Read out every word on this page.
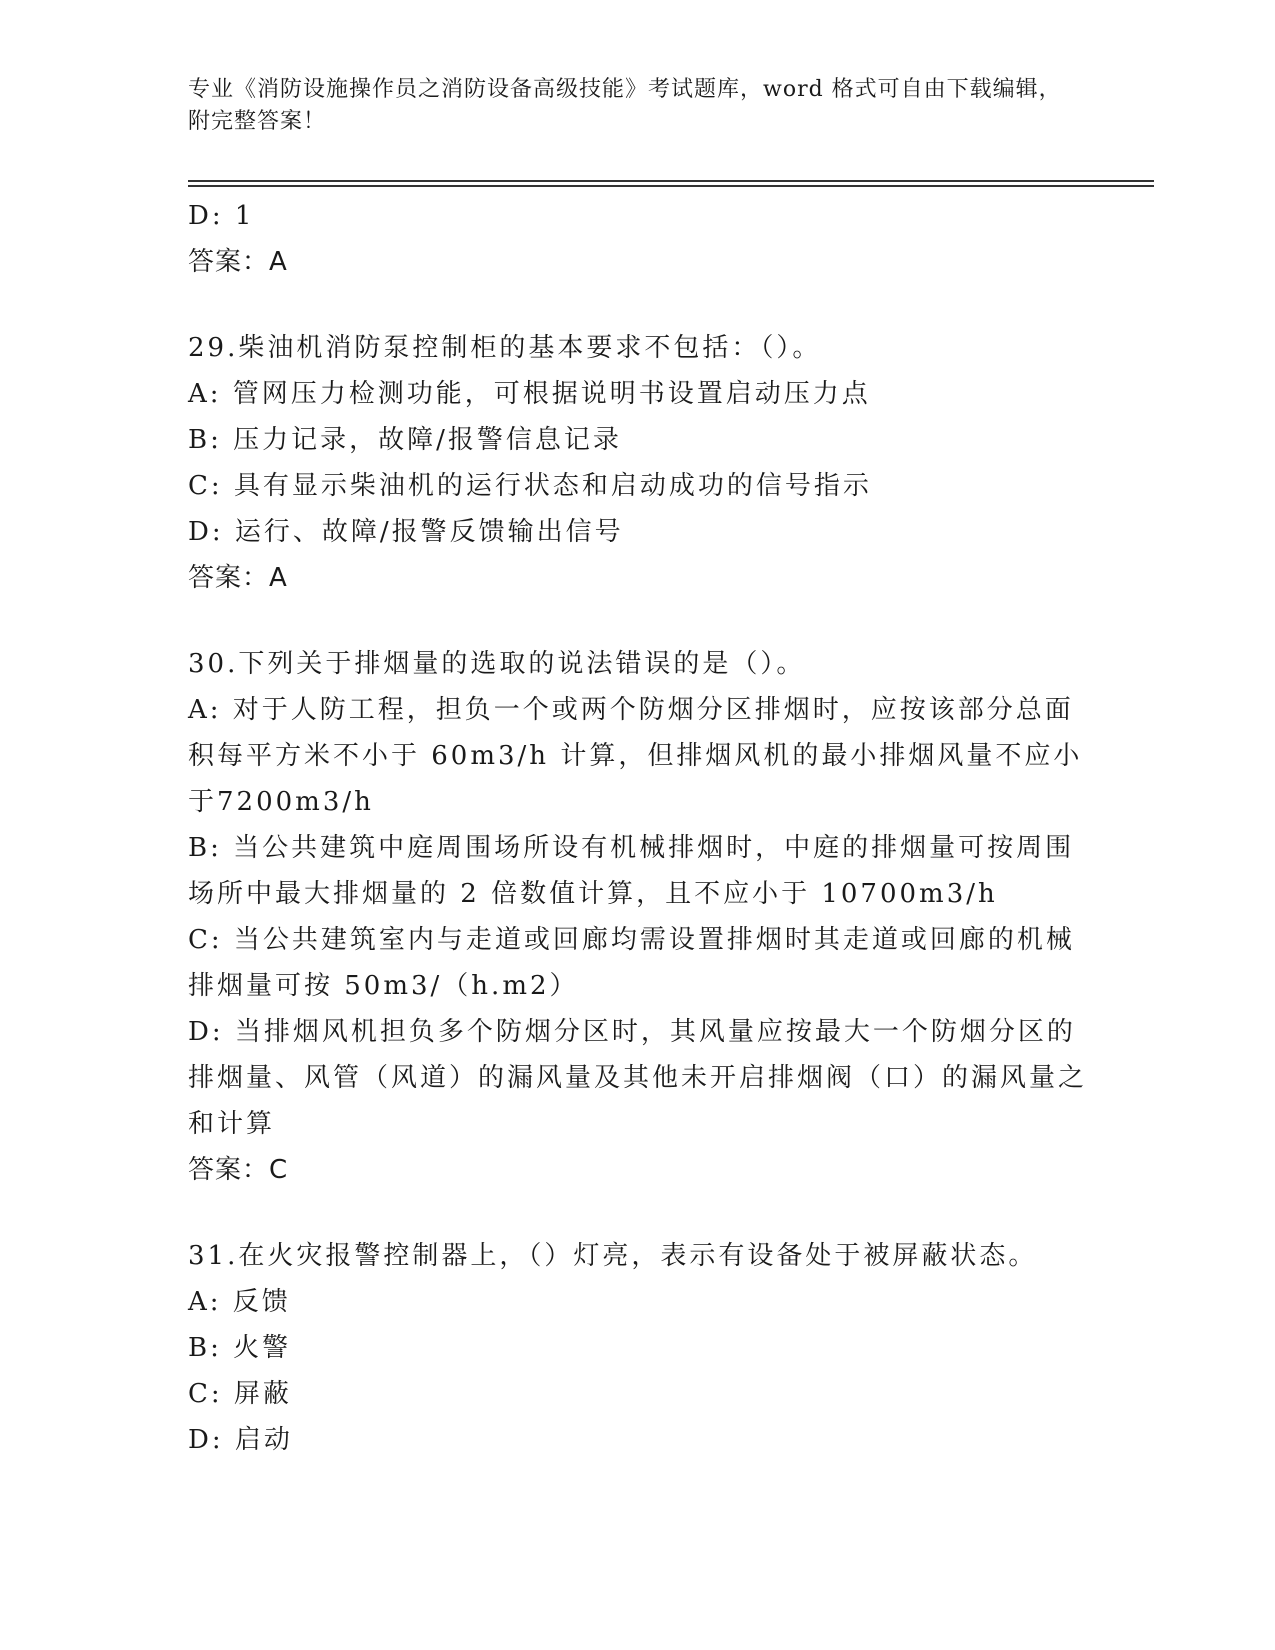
专业《消防设施操作员之消防设备高级技能》考试题库，word 格式可自由下载编辑，附完整答案！
D: 1
答案：A
29.柴油机消防泵控制柜的基本要求不包括：（）。
A: 管网压力检测功能，可根据说明书设置启动压力点
B: 压力记录，故障/报警信息记录
C: 具有显示柴油机的运行状态和启动成功的信号指示
D: 运行、故障/报警反馈输出信号
答案：A
30.下列关于排烟量的选取的说法错误的是（）。
A: 对于人防工程，担负一个或两个防烟分区排烟时，应按该部分总面积每平方米不小于 60m3/h 计算，但排烟风机的最小排烟风量不应小于7200m3/h
B: 当公共建筑中庭周围场所设有机械排烟时，中庭的排烟量可按周围场所中最大排烟量的 2 倍数值计算，且不应小于 10700m3/h
C: 当公共建筑室内与走道或回廊均需设置排烟时其走道或回廊的机械排烟量可按 50m3/（h.m2）
D: 当排烟风机担负多个防烟分区时，其风量应按最大一个防烟分区的排烟量、风管（风道）的漏风量及其他未开启排烟阀（口）的漏风量之和计算
答案：C
31.在火灾报警控制器上，（）灯亮，表示有设备处于被屏蔽状态。
A: 反馈
B: 火警
C: 屏蔽
D: 启动
